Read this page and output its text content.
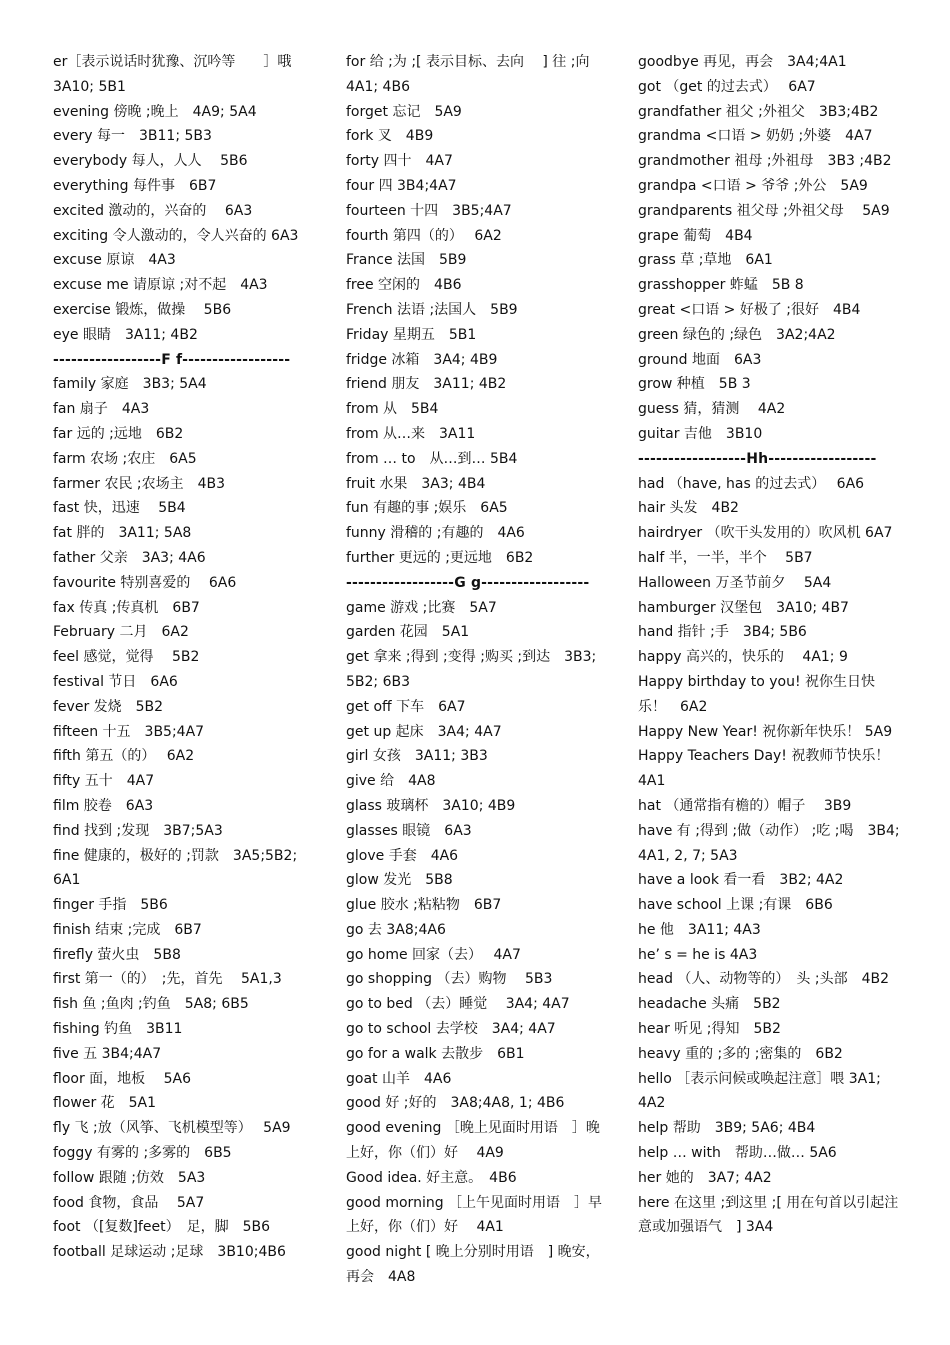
er［表示说话时犹豫、沉吟等　　］哦 3A10; 5B1
evening 傍晚 ;晚上　4A9; 5A4
every 每一　3B11; 5B3
everybody 每人，人人　 5B6
everything 每件事　6B7
excited 激动的，兴奋的　 6A3
exciting 令人激动的，令人兴奋的 6A3
excuse 原谅　4A3
excuse me 请原谅 ;对不起　4A3
exercise 锻炼，做操　 5B6
eye 眼睛　3A11; 4B2
------------------F f------------------
family 家庭　3B3; 5A4
fan 扇子　4A3
far 远的 ;远地　6B2
farm 农场 ;农庄　6A5
farmer 农民 ;农场主　4B3
fast 快，迅速　 5B4
fat 胖的　3A11; 5A8
father 父亲　3A3; 4A6
favourite 特别喜爱的　 6A6
fax 传真 ;传真机　6B7
February 二月　6A2
feel 感觉，觉得　 5B2
festival 节日　6A6
fever 发烧　5B2
fifteen 十五　3B5;4A7
fifth 第五（的）　 6A2
fifty 五十　4A7
film 胶卷　6A3
find 找到 ;发现　3B7;5A3
fine 健康的，极好的 ;罚款　3A5;5B2; 6A1
finger 手指　5B6
finish 结束 ;完成　6B7
firefly 萤火虫　5B8
first 第一（的）　;先，首先　 5A1,3
fish 鱼 ;鱼肉 ;钓鱼　5A8; 6B5
fishing 钓鱼　3B11
five 五 3B4;4A7
floor 面，地板　 5A6
flower 花　5A1
fly 飞 ;放（风筝、飞机模型等）　 5A9
foggy 有雾的 ;多雾的　6B5
follow 跟随 ;仿效　5A3
food 食物，食品　 5A7
foot （[复数]feet）　足，脚　5B6
football 足球运动 ;足球　3B10;4B6
for 给 ;为 ;[ 表示目标、去向　 ] 往 ;向 4A1; 4B6
forget 忘记　5A9
fork 叉　4B9
forty 四十　4A7
four 四 3B4;4A7
fourteen 十四　3B5;4A7
fourth 第四（的）　 6A2
France 法国　5B9
free 空闲的　4B6
French 法语 ;法国人　5B9
Friday 星期五　5B1
fridge 冰箱　3A4; 4B9
friend 朋友　3A11; 4B2
from 从　5B4
from 从…来　3A11
from … to　从…到… 5B4
fruit 水果　3A3; 4B4
fun 有趣的事 ;娱乐　6A5
funny 滑稽的 ;有趣的　4A6
further 更远的 ;更远地　6B2
------------------G g------------------
game 游戏 ;比赛　5A7
garden 花园　5A1
get 拿来 ;得到 ;变得 ;购买 ;到达　3B3; 5B2; 6B3
get off 下车　6A7
get up 起床　3A4; 4A7
girl 女孩　3A11; 3B3
give 给　4A8
glass 玻璃杯　3A10; 4B9
glasses 眼镜　6A3
glove 手套　4A6
glow 发光　5B8
glue 胶水 ;粘粘物　6B7
go 去 3A8;4A6
go home 回家（去）　 4A7
go shopping （去）购物　 5B3
go to bed （去）睡觉　 3A4; 4A7
go to school 去学校　3A4; 4A7
go for a walk 去散步　6B1
goat 山羊　4A6
good 好 ;好的　3A8;4A8, 1; 4B6
good evening ［晚上见面时用语　］晚上好，你（们）好　 4A9
Good idea. 好主意。　4B6
good morning ［上午见面时用语　］早上好，你（们）好　 4A1
good night [ 晚上分别时用语　] 晚安，再会　4A8
goodbye 再见，再会　3A4;4A1
got （get 的过去式）　 6A7
grandfather 祖父 ;外祖父　3B3;4B2
grandma <口语 > 奶奶 ;外婆　4A7
grandmother 祖母 ;外祖母　3B3 ;4B2
grandpa <口语 > 爷爷 ;外公　5A9
grandparents 祖父母 ;外祖父母　 5A9
grape 葡萄　4B4
grass 草 ;草地　6A1
grasshopper 蚱蜢　5B 8
great <口语 > 好极了 ;很好　4B4
green 绿色的 ;绿色　3A2;4A2
ground 地面　6A3
grow 种植　5B 3
guess 猜，猜测　 4A2
guitar 吉他　3B10
------------------Hh------------------
had （have, has 的过去式）　 6A6
hair 头发　4B2
hairdryer （吹干头发用的）吹风机 6A7
half 半，一半，半个　 5B7
Halloween 万圣节前夕　 5A4
hamburger 汉堡包　3A10; 4B7
hand 指针 ;手　3B4; 5B6
happy 高兴的，快乐的　 4A1; 9
Happy birthday to you! 祝你生日快乐！　6A2
Happy New Year! 祝你新年快乐！ 5A9
Happy Teachers Day! 祝教师节快乐！　4A1
hat （通常指有檐的）帽子　 3B9
have 有 ;得到 ;做（动作） ;吃 ;喝　3B4; 4A1, 2, 7; 5A3
have a look 看一看　3B2; 4A2
have school 上课 ;有课　6B6
he 他　3A11; 4A3
he’ s = he is 4A3
head （人、动物等的）　头 ;头部　4B2
headache 头痛　5B2
hear 听见 ;得知　5B2
heavy 重的 ;多的 ;密集的　6B2
hello ［表示问候或唤起注意］喂 3A1; 4A2
help 帮助　3B9; 5A6; 4B4
help … with　帮助…做… 5A6
her 她的　3A7; 4A2
here 在这里 ;到这里 ;[ 用在句首以引起注意或加强语气　] 3A4
